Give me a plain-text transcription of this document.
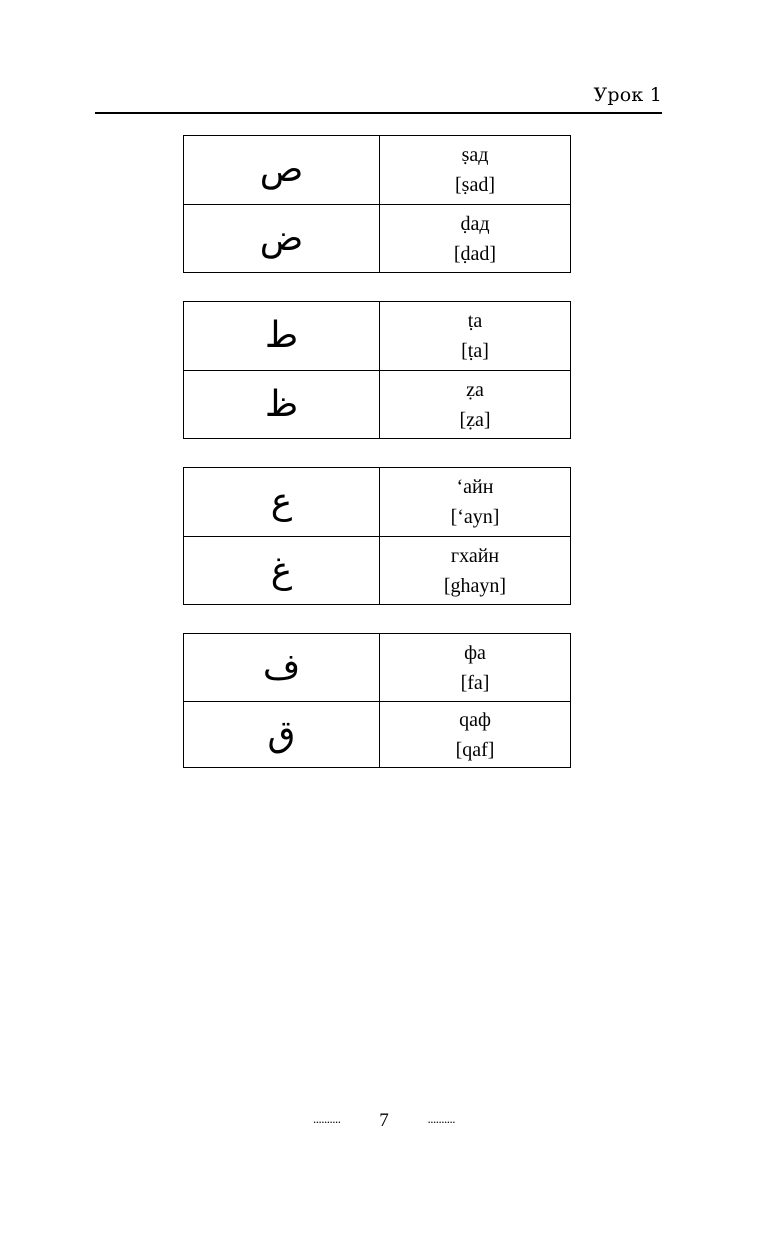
Урок 1
ص	ṣад
[ṣad]
ض	ḍад
[ḍad]
ط	ṭа
[ṭa]
ظ	ẓа
[ẓa]
ع	‘айн
[‘ayn]
غ	гхайн
[ghayn]
ف	фа
[fa]
ق	qаф
[qaf]
.......... 7	..........
